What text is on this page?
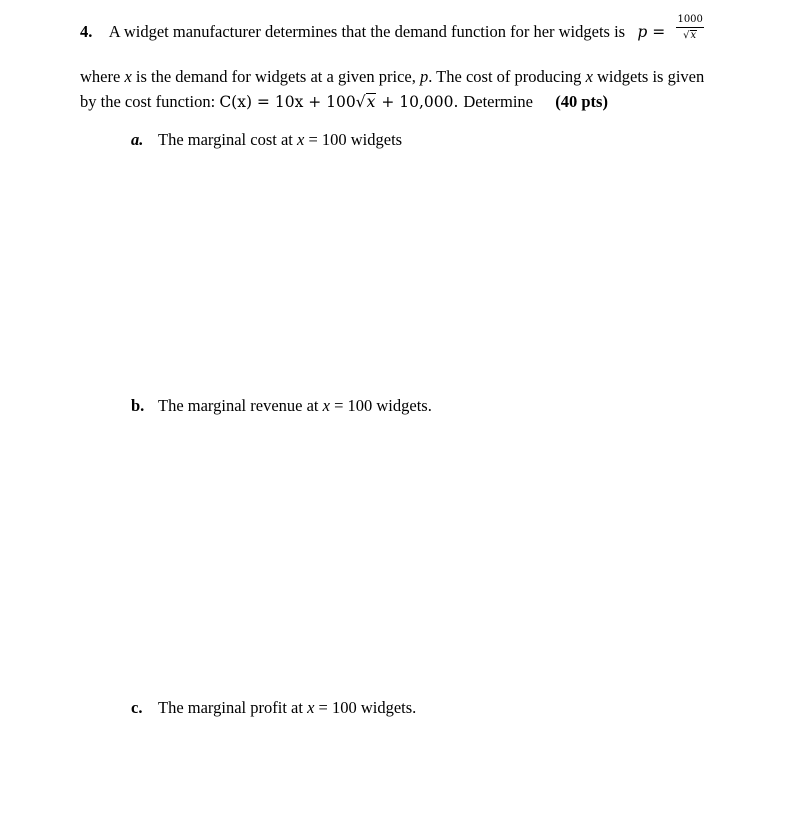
4. A widget manufacturer determines that the demand function for her widgets is $p = \frac{1000}{√x}$
where x is the demand for widgets at a given price, p. The cost of producing x widgets is given
by the cost function: C(x) = 10x + 100√x + 10,000. Determine (40 pts)
a. The marginal cost at x = 100 widgets
b. The marginal revenue at x = 100 widgets.
c. The marginal profit at x = 100 widgets.
